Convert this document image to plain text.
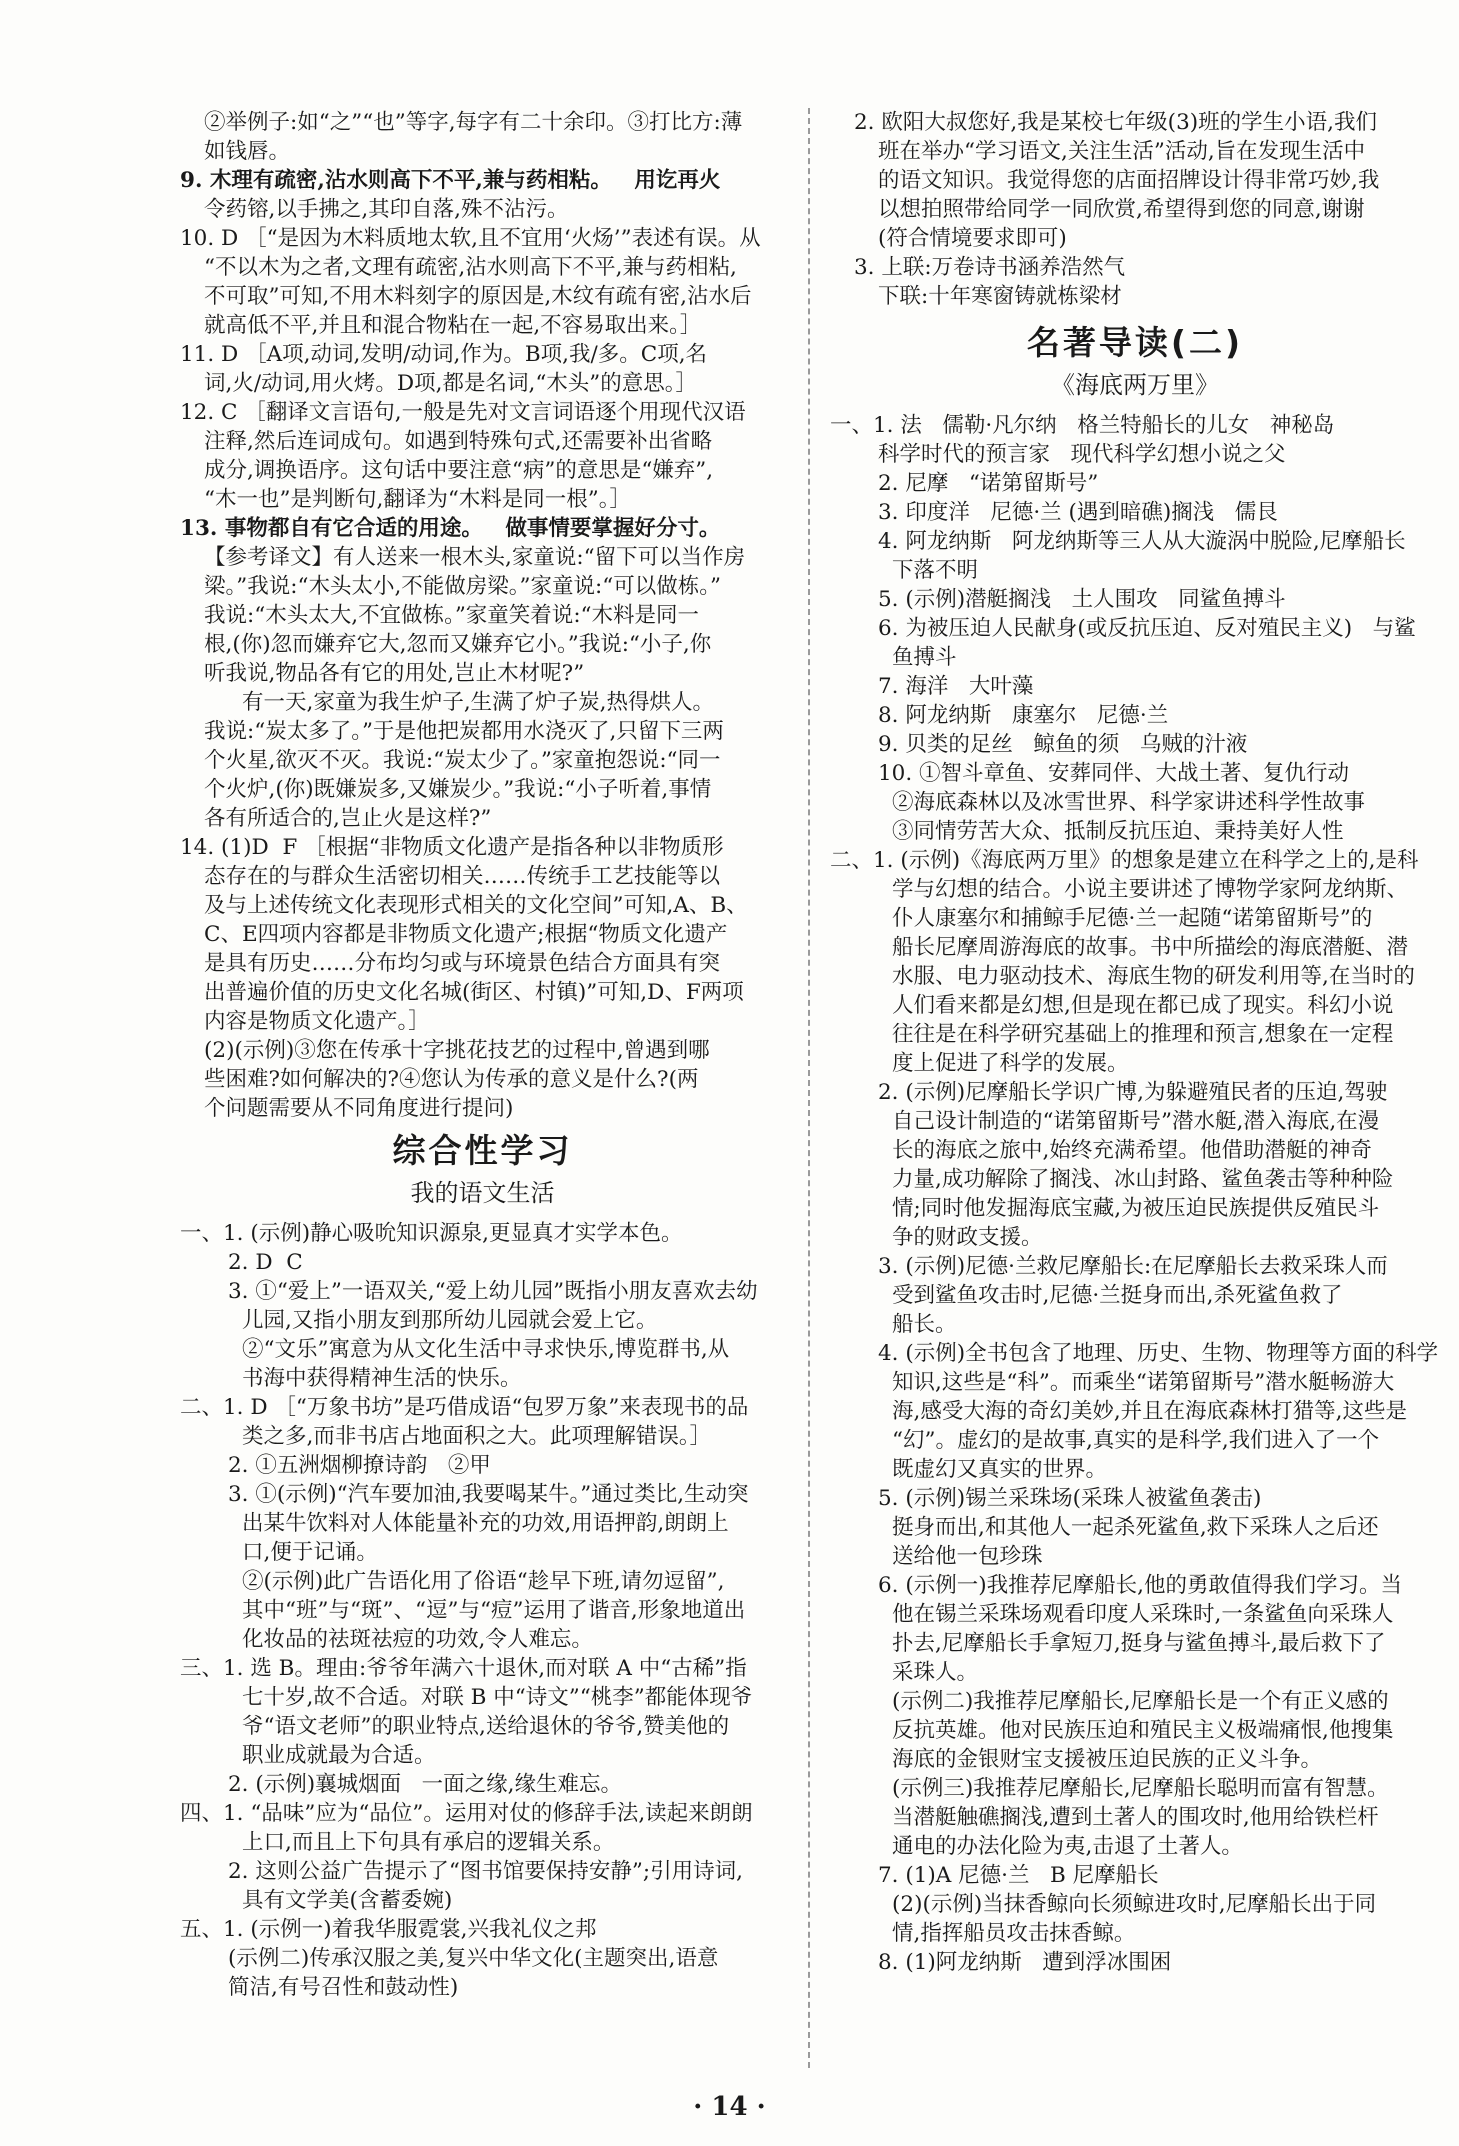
②举例子:如“之”“也”等字,每字有二十余印。③打比方:薄

如钱唇。

9. 木理有疏密,沾水则高下不平,兼与药相粘。   用讫再火

令药镕,以手拂之,其印自落,殊不沾污。

10. D ［“是因为木料质地太软,且不宜用‘火炀’”表述有误。从

“不以木为之者,文理有疏密,沾水则高下不平,兼与药相粘,

不可取”可知,不用木料刻字的原因是,木纹有疏有密,沾水后

就高低不平,并且和混合物粘在一起,不容易取出来。］

11. D ［A项,动词,发明/动词,作为。B项,我/多。C项,名

词,火/动词,用火烤。D项,都是名词,“木头”的意思。］

12. C ［翻译文言语句,一般是先对文言词语逐个用现代汉语

注释,然后连词成句。如遇到特殊句式,还需要补出省略

成分,调换语序。这句话中要注意“病”的意思是“嫌弃”,

“木一也”是判断句,翻译为“木料是同一根”。］

13. 事物都自有它合适的用途。   做事情要掌握好分寸。

【参考译文】有人送来一根木头,家童说:“留下可以当作房

梁。”我说:“木头太小,不能做房梁。”家童说:“可以做栋。”

我说:“木头太大,不宜做栋。”家童笑着说:“木料是同一

根,(你)忽而嫌弃它大,忽而又嫌弃它小。”我说:“小子,你

听我说,物品各有它的用处,岂止木材呢?”

有一天,家童为我生炉子,生满了炉子炭,热得烘人。

我说:“炭太多了。”于是他把炭都用水浇灭了,只留下三两

个火星,欲灭不灭。我说:“炭太少了。”家童抱怨说:“同一

个火炉,(你)既嫌炭多,又嫌炭少。”我说:“小子听着,事情

各有所适合的,岂止火是这样?”

14. (1)D  F ［根据“非物质文化遗产是指各种以非物质形

态存在的与群众生活密切相关……传统手工艺技能等以

及与上述传统文化表现形式相关的文化空间”可知,A、B、

C、E四项内容都是非物质文化遗产;根据“物质文化遗产

是具有历史……分布均匀或与环境景色结合方面具有突

出普遍价值的历史文化名城(街区、村镇)”可知,D、F两项

内容是物质文化遗产。］

(2)(示例)③您在传承十字挑花技艺的过程中,曾遇到哪

些困难?如何解决的?④您认为传承的意义是什么?(两

个问题需要从不同角度进行提问)

综合性学习
我的语文生活

一、1. (示例)静心吸吮知识源泉,更显真才实学本色。

2. D  C

3. ①“爱上”一语双关,“爱上幼儿园”既指小朋友喜欢去幼

儿园,又指小朋友到那所幼儿园就会爱上它。

②“文乐”寓意为从文化生活中寻求快乐,博览群书,从

书海中获得精神生活的快乐。

二、1. D ［“万象书坊”是巧借成语“包罗万象”来表现书的品

类之多,而非书店占地面积之大。此项理解错误。］

2. ①五洲烟柳撩诗韵   ②甲

3. ①(示例)“汽车要加油,我要喝某牛。”通过类比,生动突

出某牛饮料对人体能量补充的功效,用语押韵,朗朗上

口,便于记诵。

②(示例)此广告语化用了俗语“趁早下班,请勿逗留”,

其中“班”与“斑”、“逗”与“痘”运用了谐音,形象地道出

化妆品的祛斑祛痘的功效,令人难忘。

三、1. 选 B。理由:爷爷年满六十退休,而对联 A 中“古稀”指

七十岁,故不合适。对联 B 中“诗文”“桃李”都能体现爷

爷“语文老师”的职业特点,送给退休的爷爷,赞美他的

职业成就最为合适。

2. (示例)襄城烟面   一面之缘,缘生难忘。

四、1. “品味”应为“品位”。运用对仗的修辞手法,读起来朗朗

上口,而且上下句具有承启的逻辑关系。

2. 这则公益广告提示了“图书馆要保持安静”;引用诗词,

具有文学美(含蓄委婉)

五、1. (示例一)着我华服霓裳,兴我礼仪之邦

(示例二)传承汉服之美,复兴中华文化(主题突出,语意

简洁,有号召性和鼓动性)

2. 欧阳大叔您好,我是某校七年级(3)班的学生小语,我们

班在举办“学习语文,关注生活”活动,旨在发现生活中

的语文知识。我觉得您的店面招牌设计得非常巧妙,我

以想拍照带给同学一同欣赏,希望得到您的同意,谢谢

(符合情境要求即可)

3. 上联:万卷诗书涵养浩然气

下联:十年寒窗铸就栋梁材

名著导读(二)
《海底两万里》

一、1. 法   儒勒·凡尔纳   格兰特船长的儿女   神秘岛

科学时代的预言家   现代科学幻想小说之父

2. 尼摩   “诺第留斯号”

3. 印度洋   尼德·兰 (遇到暗礁)搁浅   儒艮

4. 阿龙纳斯   阿龙纳斯等三人从大漩涡中脱险,尼摩船长

下落不明

5. (示例)潜艇搁浅   土人围攻   同鲨鱼搏斗

6. 为被压迫人民献身(或反抗压迫、反对殖民主义)   与鲨

鱼搏斗

7. 海洋   大叶藻

8. 阿龙纳斯   康塞尔   尼德·兰

9. 贝类的足丝   鲸鱼的须   乌贼的汁液

10. ①智斗章鱼、安葬同伴、大战土著、复仇行动

②海底森林以及冰雪世界、科学家讲述科学性故事

③同情劳苦大众、抵制反抗压迫、秉持美好人性

二、1. (示例)《海底两万里》的想象是建立在科学之上的,是科

学与幻想的结合。小说主要讲述了博物学家阿龙纳斯、

仆人康塞尔和捕鲸手尼德·兰一起随“诺第留斯号”的

船长尼摩周游海底的故事。书中所描绘的海底潜艇、潜

水服、电力驱动技术、海底生物的研发利用等,在当时的

人们看来都是幻想,但是现在都已成了现实。科幻小说

往往是在科学研究基础上的推理和预言,想象在一定程

度上促进了科学的发展。

2. (示例)尼摩船长学识广博,为躲避殖民者的压迫,驾驶

自己设计制造的“诺第留斯号”潜水艇,潜入海底,在漫

长的海底之旅中,始终充满希望。他借助潜艇的神奇

力量,成功解除了搁浅、冰山封路、鲨鱼袭击等种种险

情;同时他发掘海底宝藏,为被压迫民族提供反殖民斗

争的财政支援。

3. (示例)尼德·兰救尼摩船长:在尼摩船长去救采珠人而

受到鲨鱼攻击时,尼德·兰挺身而出,杀死鲨鱼救了

船长。

4. (示例)全书包含了地理、历史、生物、物理等方面的科学

知识,这些是“科”。而乘坐“诺第留斯号”潜水艇畅游大

海,感受大海的奇幻美妙,并且在海底森林打猎等,这些是

“幻”。虚幻的是故事,真实的是科学,我们进入了一个

既虚幻又真实的世界。

5. (示例)锡兰采珠场(采珠人被鲨鱼袭击)

挺身而出,和其他人一起杀死鲨鱼,救下采珠人之后还

送给他一包珍珠

6. (示例一)我推荐尼摩船长,他的勇敢值得我们学习。当

他在锡兰采珠场观看印度人采珠时,一条鲨鱼向采珠人

扑去,尼摩船长手拿短刀,挺身与鲨鱼搏斗,最后救下了

采珠人。

(示例二)我推荐尼摩船长,尼摩船长是一个有正义感的

反抗英雄。他对民族压迫和殖民主义极端痛恨,他搜集

海底的金银财宝支援被压迫民族的正义斗争。

(示例三)我推荐尼摩船长,尼摩船长聪明而富有智慧。

当潜艇触礁搁浅,遭到土著人的围攻时,他用给铁栏杆

通电的办法化险为夷,击退了土著人。

7. (1)A 尼德·兰   B 尼摩船长

(2)(示例)当抹香鲸向长须鲸进攻时,尼摩船长出于同

情,指挥船员攻击抹香鲸。

8. (1)阿龙纳斯   遭到浮冰围困

· 14 ·
